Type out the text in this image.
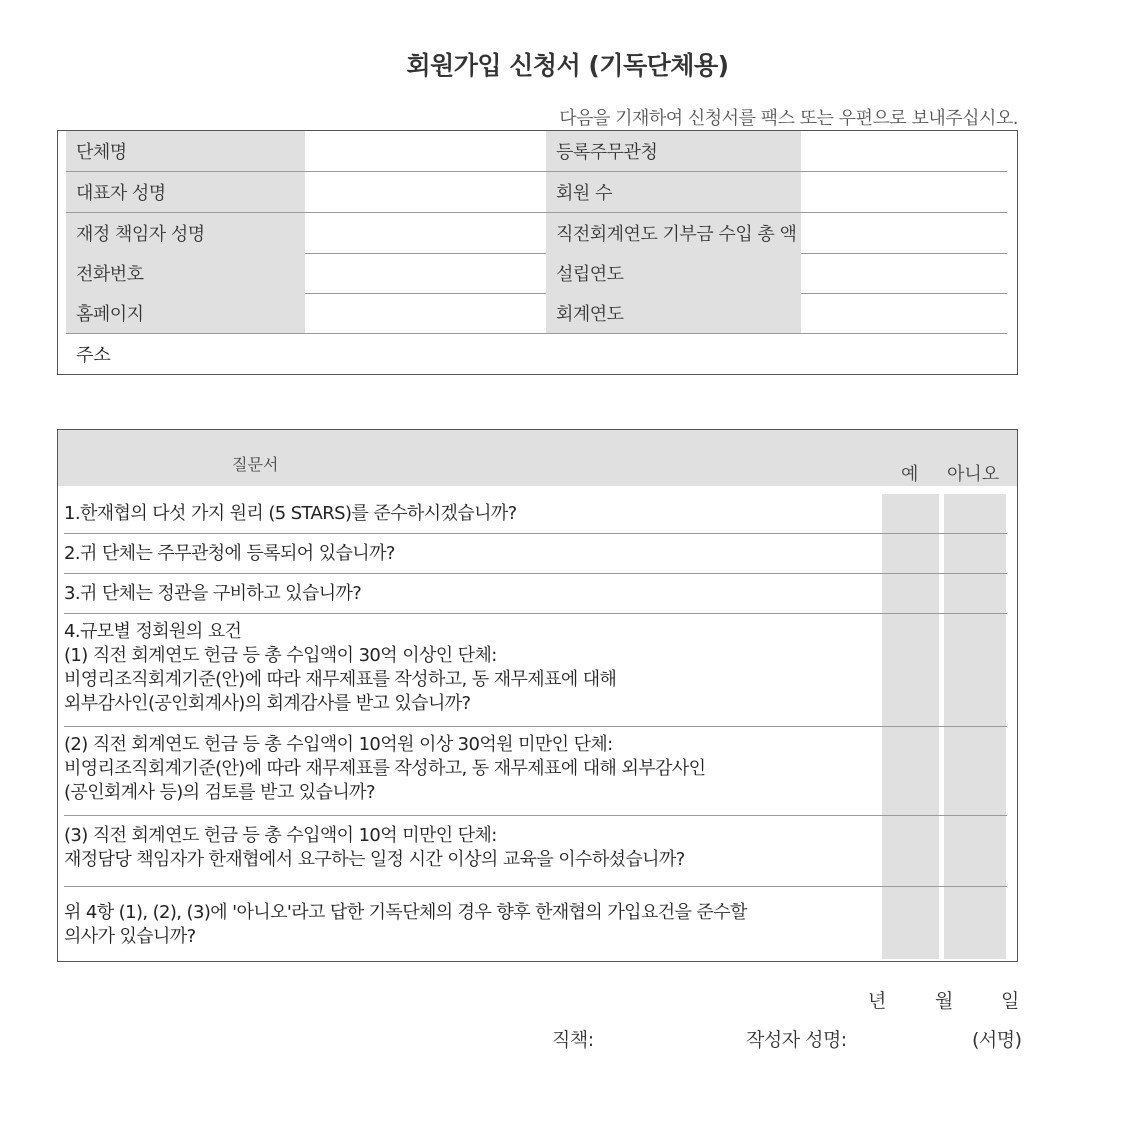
회원가입 신청서 (기독단체용)
다음을 기재하여 신청서를 팩스 또는 우편으로 보내주십시오.
단체명	등록주무관청
대표자 성명	회원 수
재정 책임자 성명	직전회계연도 기부금 수입 총 액
전화번호	설립연도
홈페이지	회계연도
주소
질문서	예 아니오
1.한재협의 다섯 가지 원리 (5 STARS)를 준수하시겠습니까?
2.귀 단체는 주무관청에 등록되어 있습니까?
3.귀 단체는 정관을 구비하고 있습니까?
4.규모별 정회원의 요건
(1) 직전 회계연도 헌금 등 총 수입액이 30억 이상인 단체:
비영리조직회계기준(안)에 따라 재무제표를 작성하고, 동 재무제표에 대해
외부감사인(공인회계사)의 회계감사를 받고 있습니까?
(2) 직전 회계연도 헌금 등 총 수입액이 10억원 이상 30억원 미만인 단체:
비영리조직회계기준(안)에 따라 재무제표를 작성하고, 동 재무제표에 대해 외부감사인
(공인회계사 등)의 검토를 받고 있습니까?
(3) 직전 회계연도 헌금 등 총 수입액이 10억 미만인 단체:
재정담당 책임자가 한재협에서 요구하는 일정 시간 이상의 교육을 이수하셨습니까?
위 4항 (1), (2), (3)에 '아니오'라고 답한 기독단체의 경우 향후 한재협의 가입요건을 준수할
의사가 있습니까?
년	월	일
직책:	작성자 성명:	(서명)
